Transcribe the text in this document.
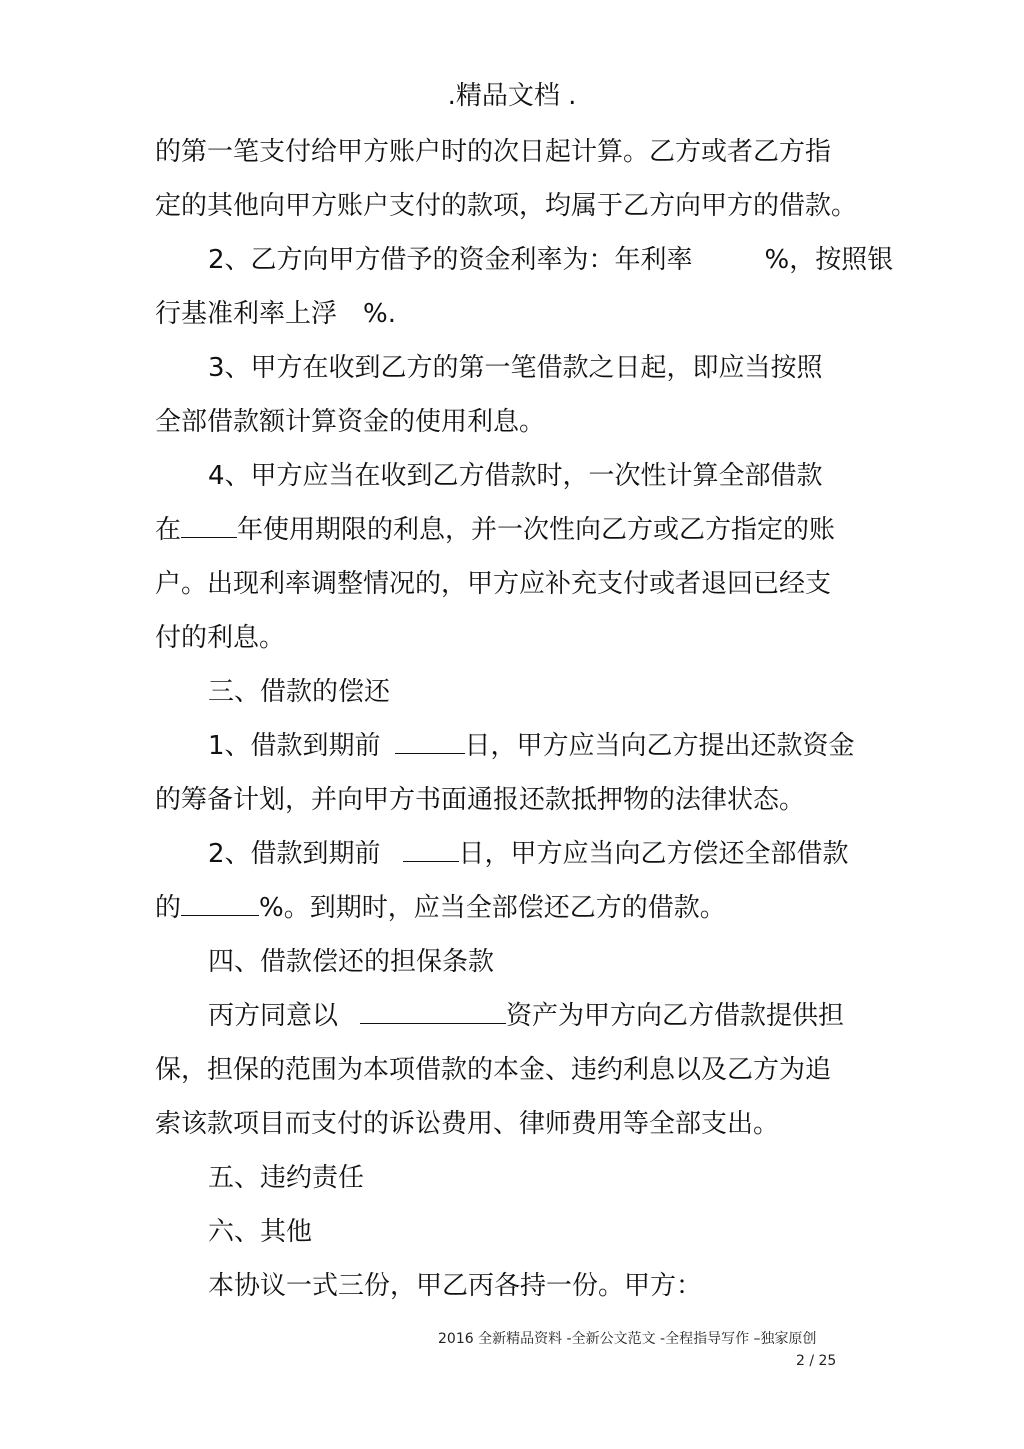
.精品文档 .
的第一笔支付给甲方账户时的次日起计算。乙方或者乙方指
定的其他向甲方账户支付的款项，均属于乙方向甲方的借款。
2、乙方向甲方借予的资金利率为：年利率	%，按照银
行基准利率上浮 %.
3、甲方在收到乙方的第一笔借款之日起，即应当按照
全部借款额计算资金的使用利息。
4、甲方应当在收到乙方借款时，一次性计算全部借款
在 年使用期限的利息，并一次性向乙方或乙方指定的账
户。出现利率调整情况的，甲方应补充支付或者退回已经支
付的利息。
三、借款的偿还
1、借款到期前	日，甲方应当向乙方提出还款资金
的筹备计划，并向甲方书面通报还款抵押物的法律状态。
2、借款到期前	日，甲方应当向乙方偿还全部借款
的	%。到期时，应当全部偿还乙方的借款。
四、借款偿还的担保条款
丙方同意以	资产为甲方向乙方借款提供担
保，担保的范围为本项借款的本金、违约利息以及乙方为追
索该款项目而支付的诉讼费用、律师费用等全部支出。
五、违约责任
六、其他
本协议一式三份，甲乙丙各持一份。甲方：
2016 全新精品资料 -全新公文范文 -全程指导写作 –独家原创
2 / 25
